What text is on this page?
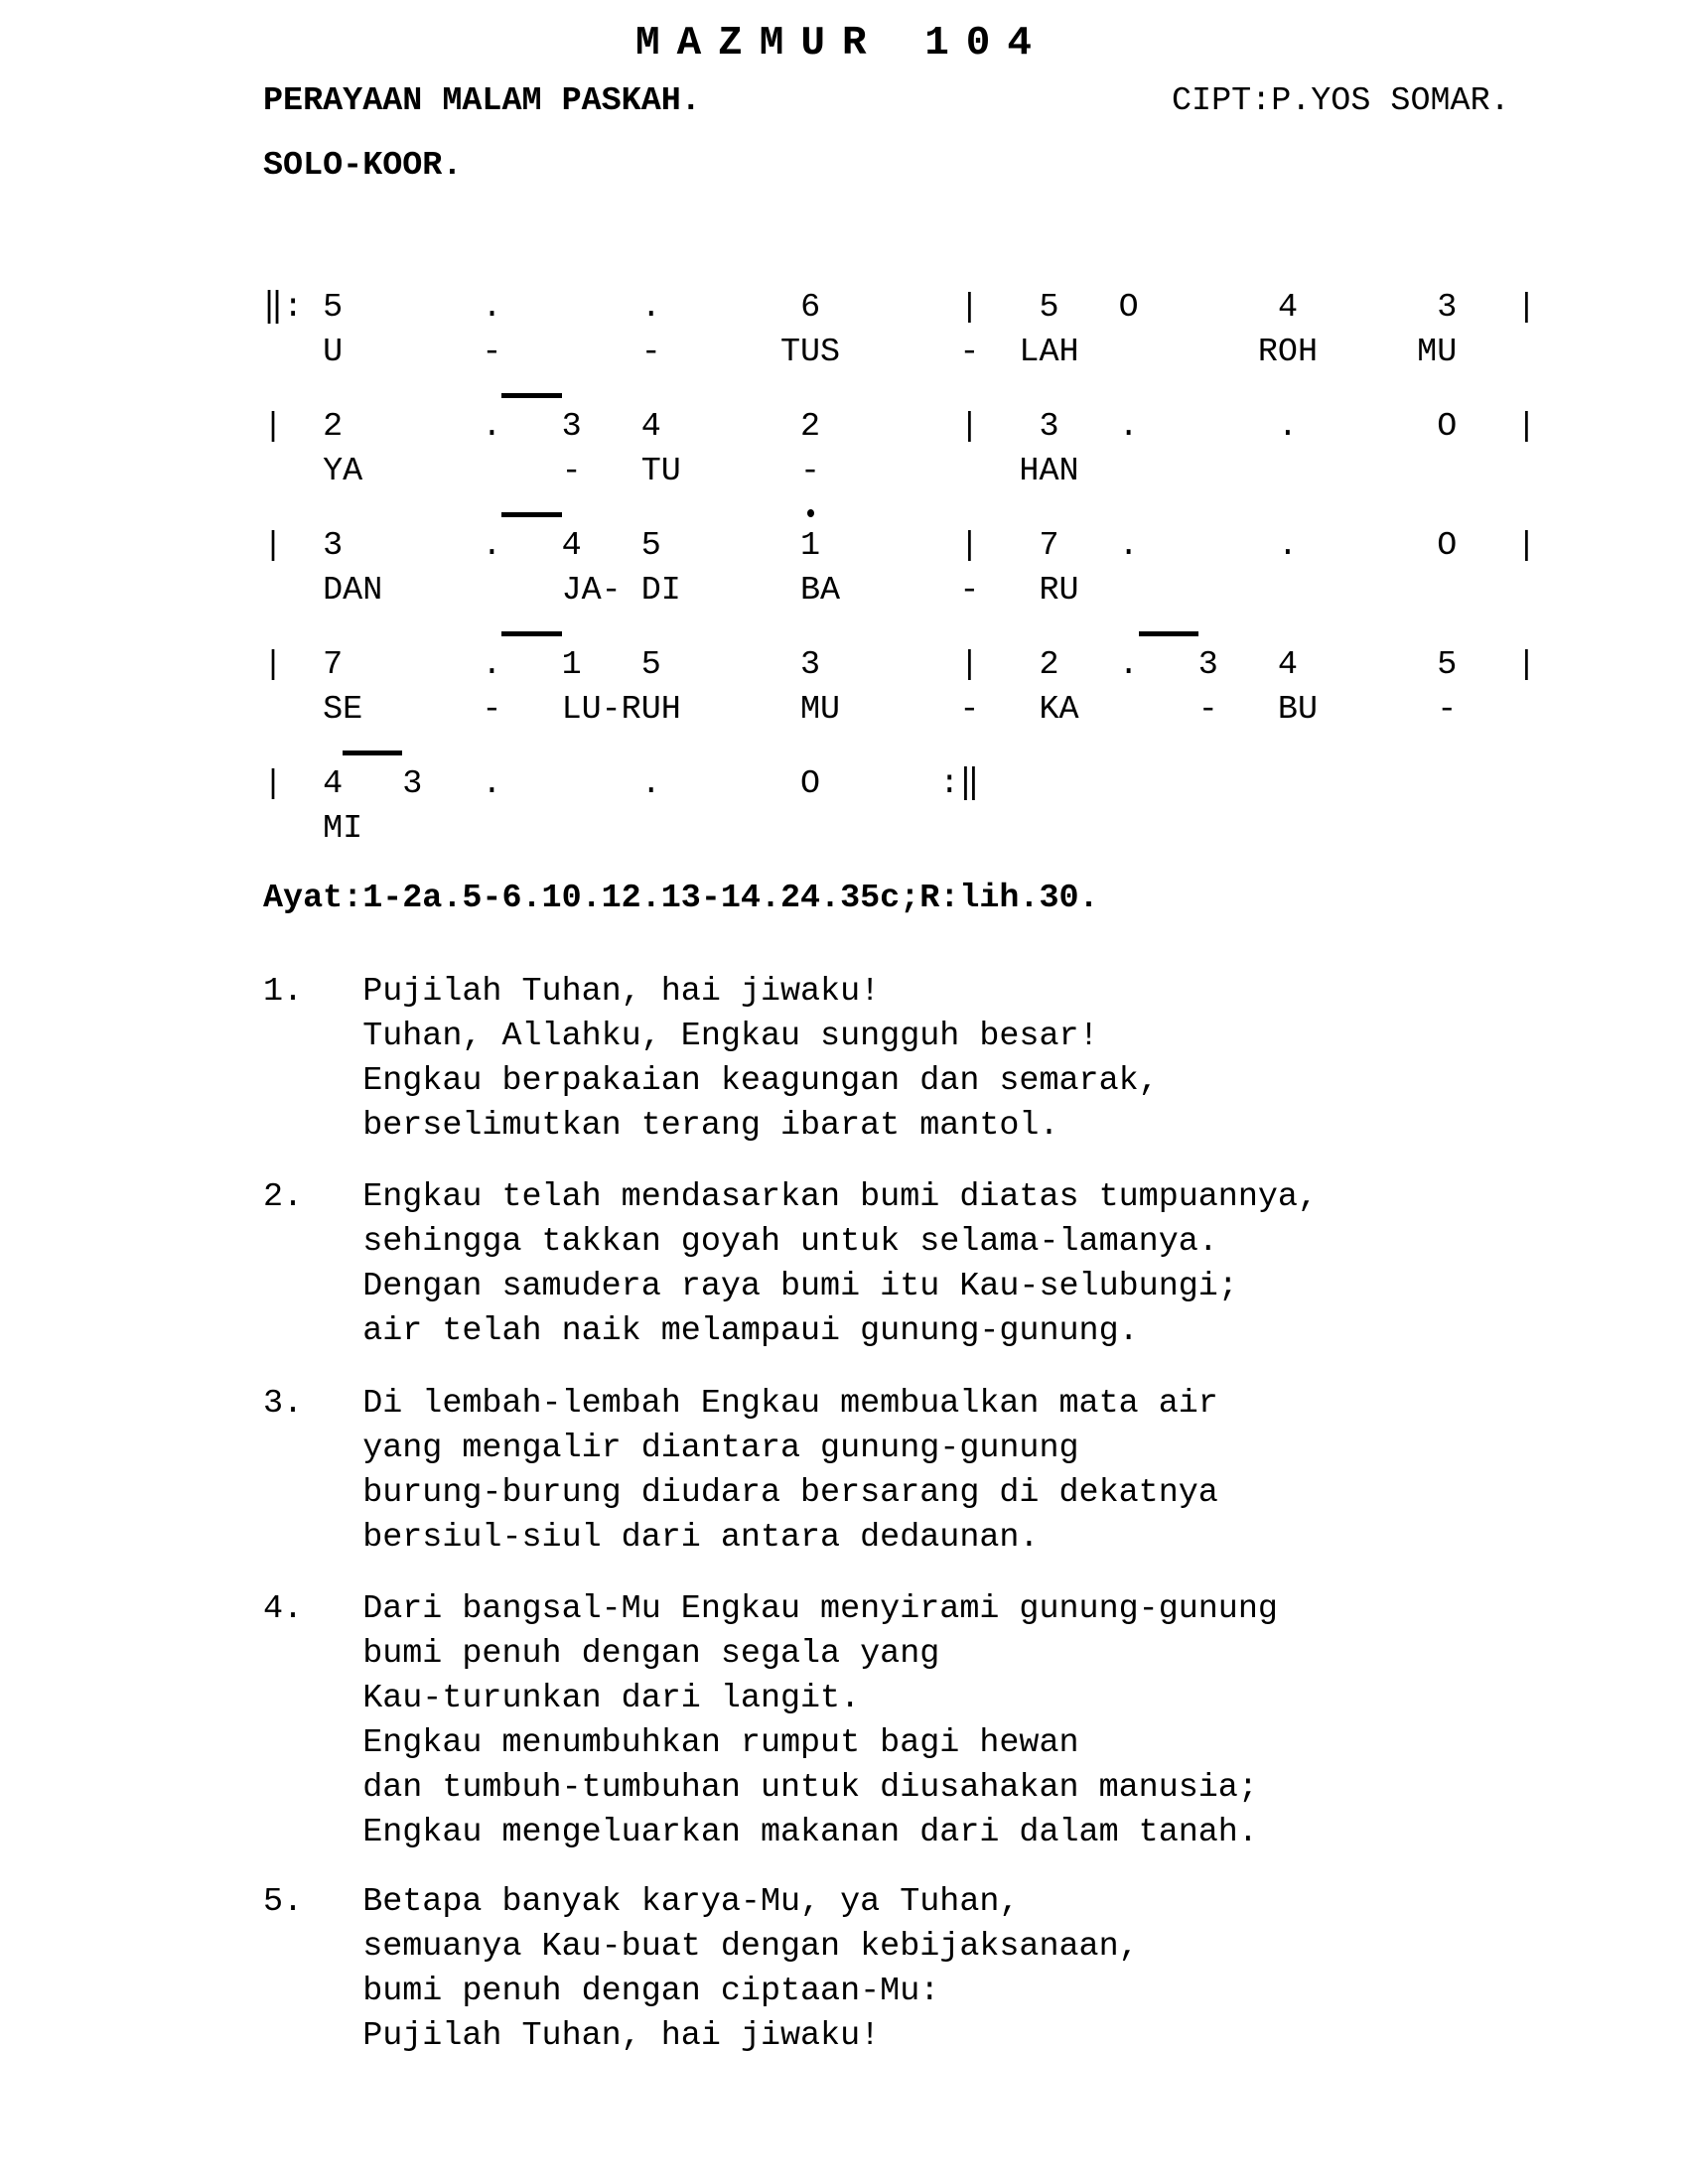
MAZMUR 104
PERAYAAN MALAM PASKAH.	CIPT:P.YOS SOMAR.
SOLO-KOOR.
‖: 5       .       .       6       |   5   O       4       3   |
U       -       -      TUS      -  LAH         ROH     MU
|  2       .   3   4       2       |   3   .       .       O   |
YA          -   TU      -          HAN
|  3       .   4   5       1       |   7   .       .       O   |
DAN         JA- DI      BA      -   RU
|  7       .   1   5       3       |   2   .   3   4       5   |
SE      -   LU-RUH      MU      -   KA      -   BU      -
|  4   3   .       .       O      :‖
MI
Ayat:1-2a.5-6.10.12.13-14.24.35c;R:lih.30.
1.   Pujilah Tuhan, hai jiwaku!
Tuhan, Allahku, Engkau sungguh besar!
Engkau berpakaian keagungan dan semarak,
berselimutkan terang ibarat mantol.
2.   Engkau telah mendasarkan bumi diatas tumpuannya,
sehingga takkan goyah untuk selama-lamanya.
Dengan samudera raya bumi itu Kau-selubungi;
air telah naik melampaui gunung-gunung.
3.   Di lembah-lembah Engkau membualkan mata air
yang mengalir diantara gunung-gunung
burung-burung diudara bersarang di dekatnya
bersiul-siul dari antara dedaunan.
4.   Dari bangsal-Mu Engkau menyirami gunung-gunung
bumi penuh dengan segala yang
Kau-turunkan dari langit.
Engkau menumbuhkan rumput bagi hewan
dan tumbuh-tumbuhan untuk diusahakan manusia;
Engkau mengeluarkan makanan dari dalam tanah.
5.   Betapa banyak karya-Mu, ya Tuhan,
semuanya Kau-buat dengan kebijaksanaan,
bumi penuh dengan ciptaan-Mu:
Pujilah Tuhan, hai jiwaku!
